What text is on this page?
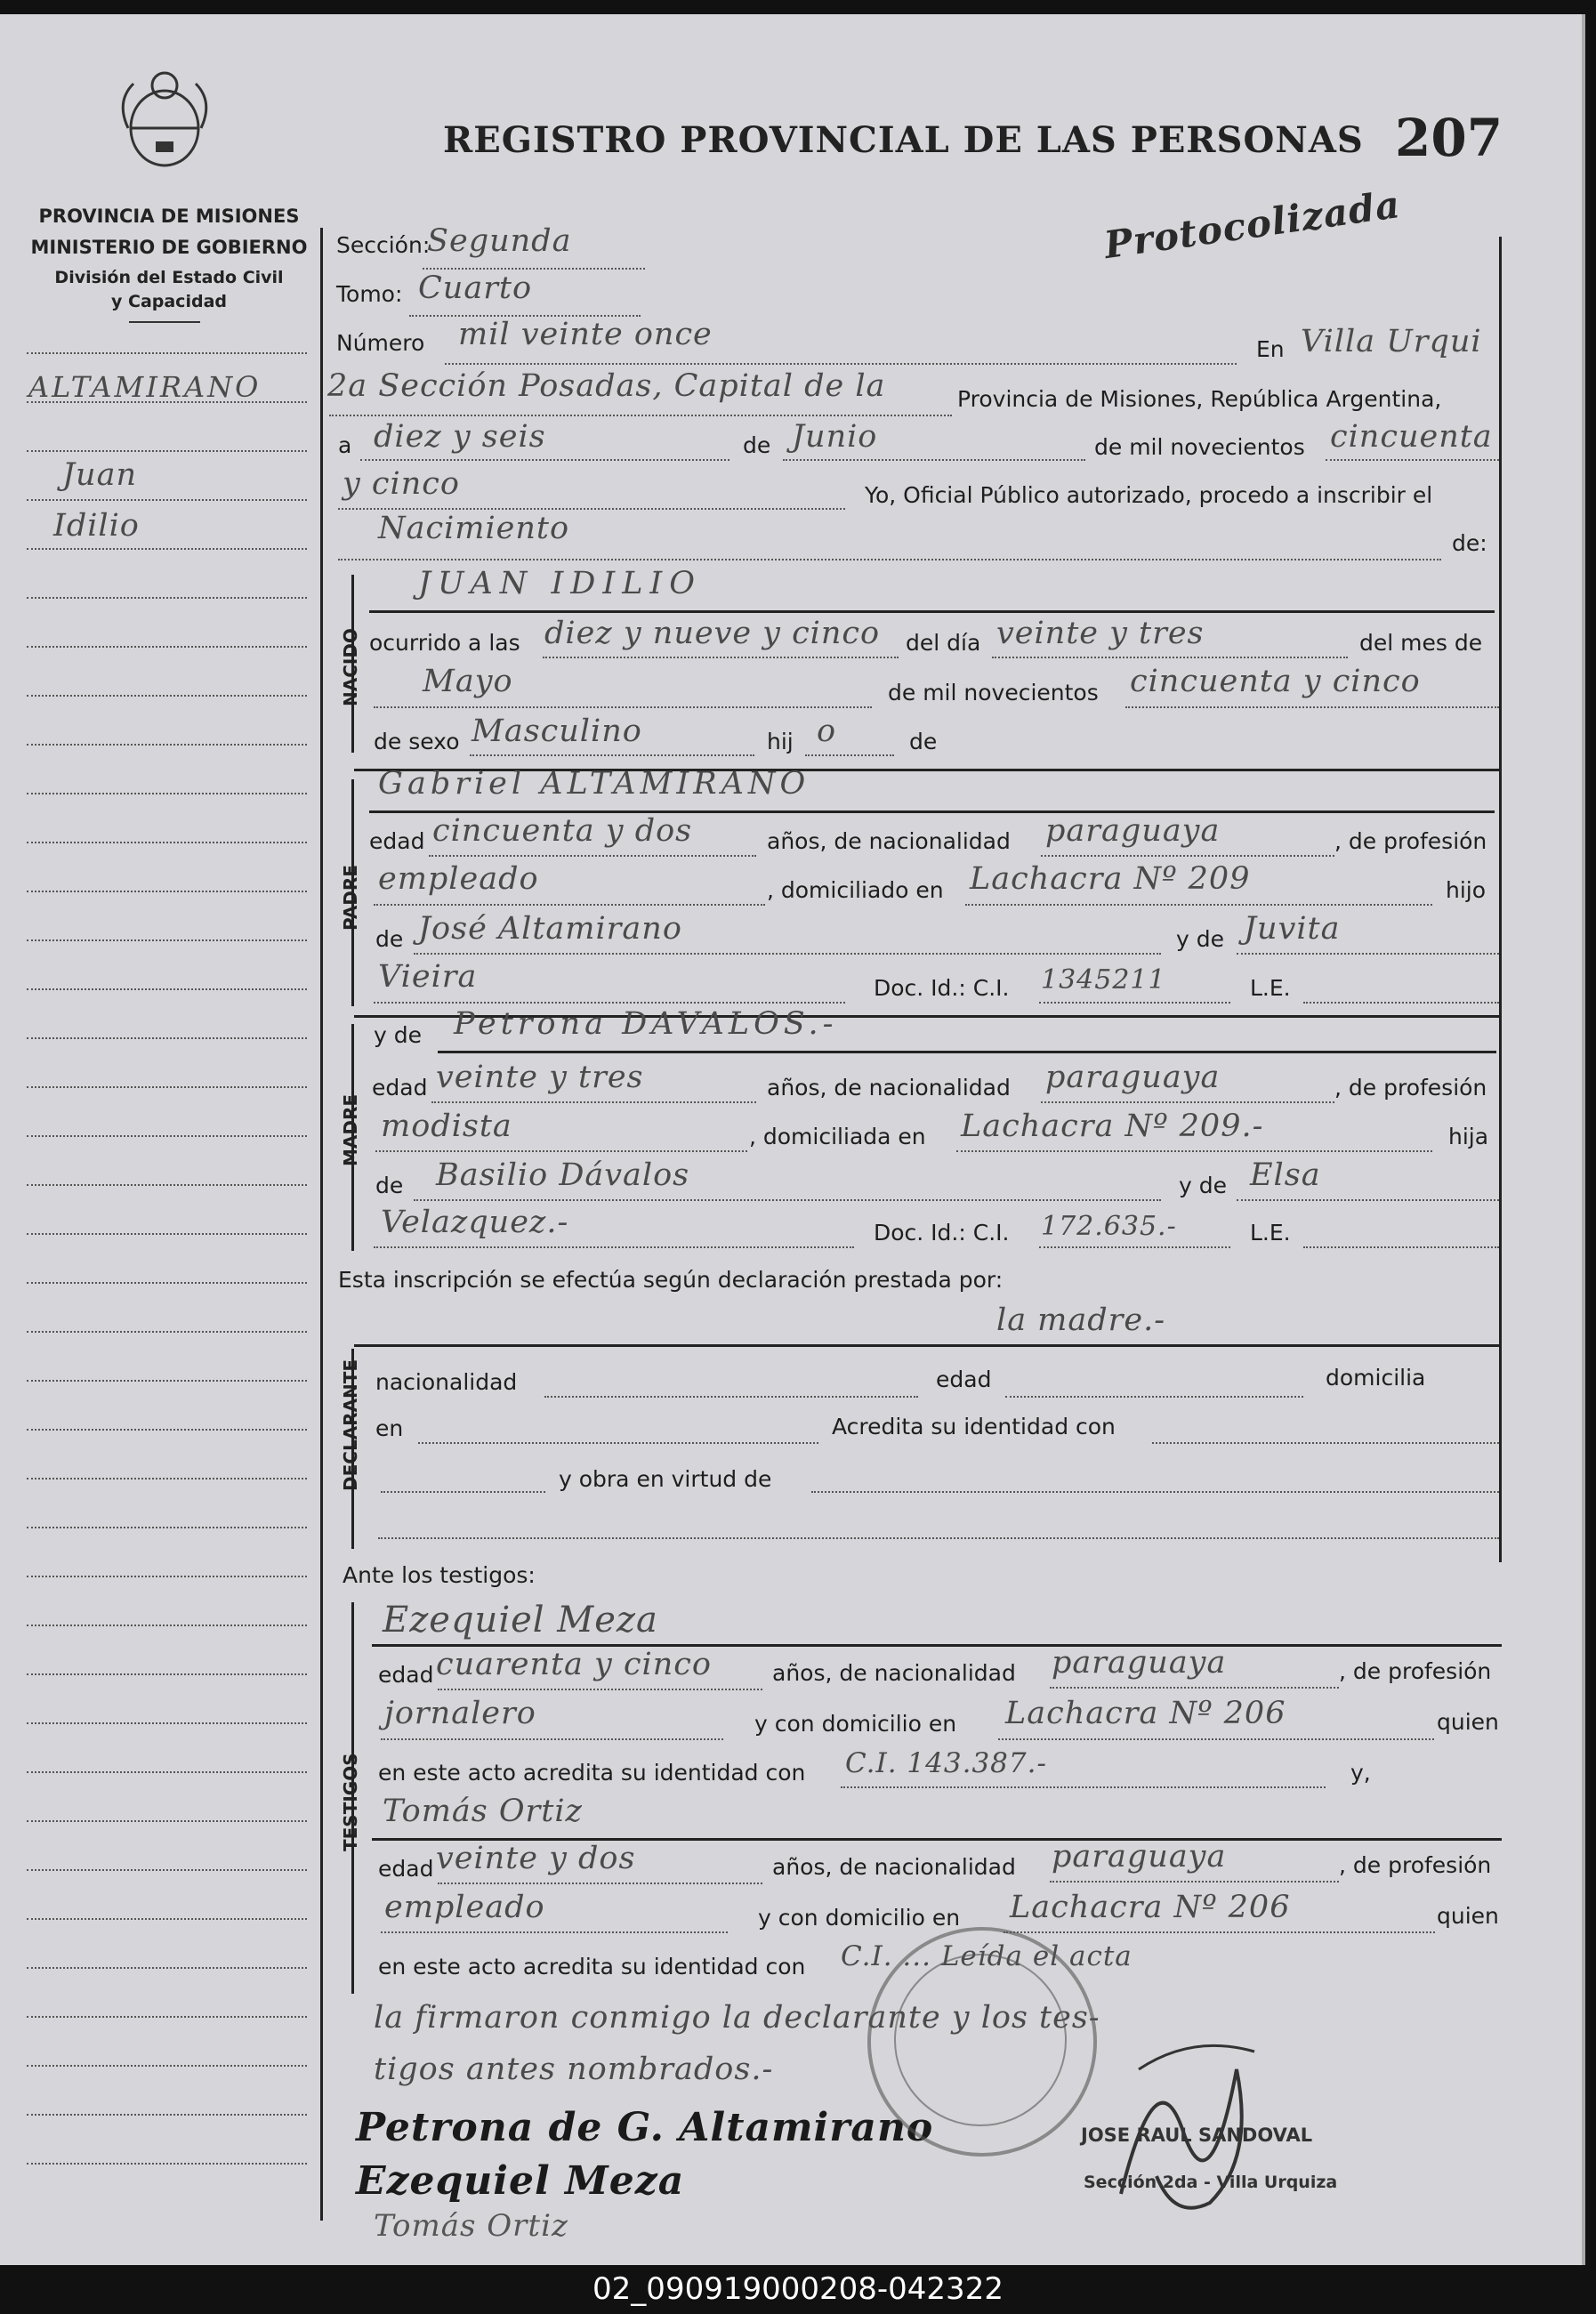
PROVINCIA DE MISIONES
MINISTERIO DE GOBIERNO
División del Estado Civil
y Capacidad
REGISTRO PROVINCIAL DE LAS PERSONAS 207
Protocolizada
ALTAMIRANO
Juan
Idilio
Sección:
Segunda
Tomo: Cuarto
Número mil veinte once	En Villa Urqui
2a Sección Posadas, Capital de la	Provincia de Misiones, República Argentina,
a diez y seis	de Junio	de mil novecientos cincuenta
y cinco	Yo, Oficial Público autorizado, procedo a inscribir el
Nacimiento	de:
NACIDO
JUAN IDILIO
ocurrido a las diez y nueve y cinco del día veinte y tres	del mes de
Mayo	de mil novecientos cincuenta y cinco
de sexo Masculino	hij o	de
PADRE
Gabriel ALTAMIRANO
edad cincuenta y dos	años, de nacionalidad paraguaya	, de profesión
empleado	, domiciliado en Lachacra Nº 209	hijo
de José Altamirano	y de Juvita
Vieira	Doc. Id.: C.I. 1345211	L.E.
MADRE
y de Petrona DAVALOS.-
edad veinte y tres	años, de nacionalidad paraguaya	, de profesión
modista	, domiciliada en Lachacra Nº 209.-	hija
de Basilio Dávalos	y de Elsa
Velazquez.-	Doc. Id.: C.I. 172.635.-	L.E.
Esta inscripción se efectúa según declaración prestada por:
la madre.-
DECLARANTE nacionalidad	edad	domicilia
en	Acredita su identidad con
y obra en virtud de
Ante los testigos:
TESTIGOS
Ezequiel Meza
edad cuarenta y cinco	años, de nacionalidad paraguaya	, de profesión
jornalero	y con domicilio en Lachacra Nº 206	quien
en este acto acredita su identidad con C.I. 143.387.-	y,
Tomás Ortiz
edad veinte y dos	años, de nacionalidad paraguaya	, de profesión
empleado	y con domicilio en Lachacra Nº 206	quien
en este acto acredita su identidad con C.I. ... Leída el acta
la firmaron conmigo la declarante y los tes-
tigos antes nombrados.-
Petrona de G. Altamirano
Ezequiel Meza
Tomás Ortiz
JOSE RAUL SANDOVAL
Sección 2da - Villa Urquiza
02_090919000208-042322
